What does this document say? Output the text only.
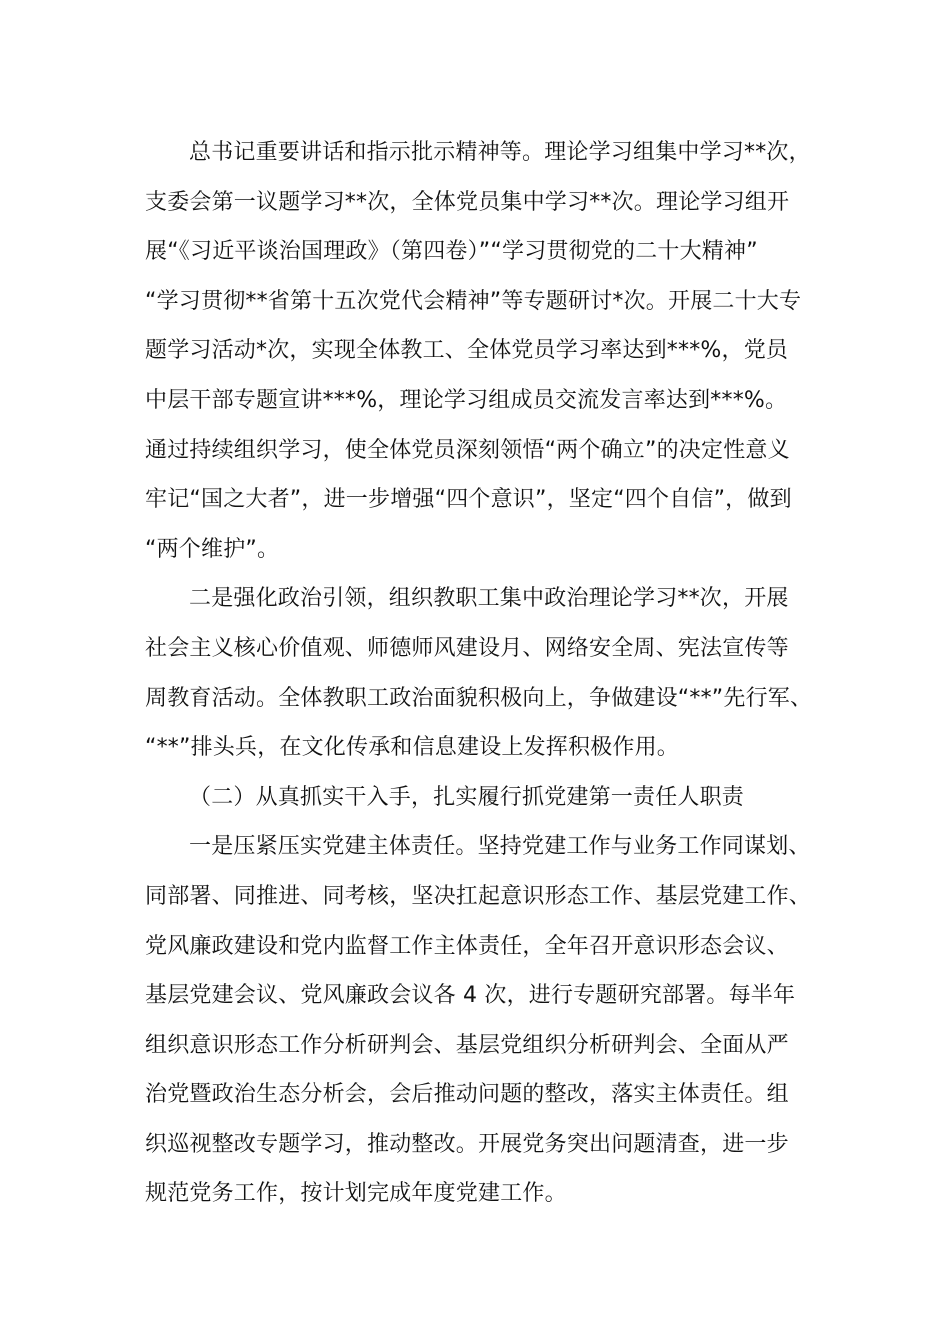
总书记重要讲话和指示批示精神等。理论学习组集中学习**次，
支委会第一议题学习**次，全体党员集中学习**次。理论学习组开
展“《习近平谈治国理政》（第四卷）”“学习贯彻党的二十大精神”
“学习贯彻**省第十五次党代会精神”等专题研讨*次。开展二十大专
题学习活动*次，实现全体教工、全体党员学习率达到***%，党员
中层干部专题宣讲***%，理论学习组成员交流发言率达到***%。
通过持续组织学习，使全体党员深刻领悟“两个确立”的决定性意义
牢记“国之大者”，进一步增强“四个意识”，坚定“四个自信”，做到
“两个维护”。
二是强化政治引领，组织教职工集中政治理论学习**次，开展
社会主义核心价值观、师德师风建设月、网络安全周、宪法宣传等
周教育活动。全体教职工政治面貌积极向上，争做建设“**”先行军、
“**”排头兵，在文化传承和信息建设上发挥积极作用。
（二）从真抓实干入手，扎实履行抓党建第一责任人职责
一是压紧压实党建主体责任。坚持党建工作与业务工作同谋划、
同部署、同推进、同考核，坚决扛起意识形态工作、基层党建工作、
党风廉政建设和党内监督工作主体责任，全年召开意识形态会议、
基层党建会议、党风廉政会议各 4 次，进行专题研究部署。每半年
组织意识形态工作分析研判会、基层党组织分析研判会、全面从严
治党暨政治生态分析会，会后推动问题的整改，落实主体责任。组
织巡视整改专题学习，推动整改。开展党务突出问题清查，进一步
规范党务工作，按计划完成年度党建工作。
